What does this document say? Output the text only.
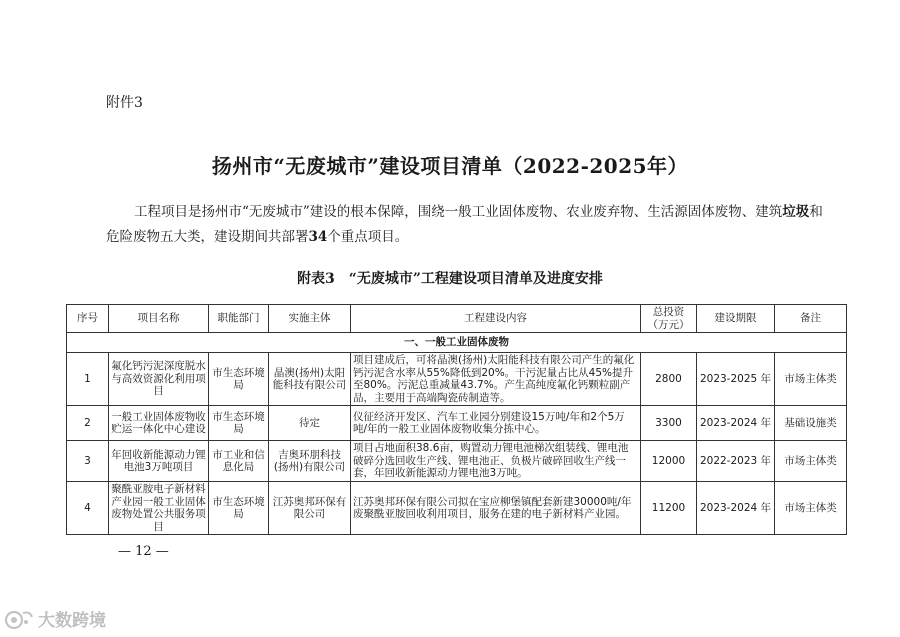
附件3
扬州市“无废城市”建设项目清单（2022-2025年）
工程项目是扬州市“无废城市”建设的根本保障，围绕一般工业固体废物、农业废弃物、生活源固体废物、建筑垃圾和危险废物五大类，建设期间共部署34个重点项目。
附表3　“无废城市”工程建设项目清单及进度安排
序号	项目名称	职能部门	实施主体	工程建设内容	总投资（万元）	建设期限	备注
一、一般工业固体废物							
1	氟化钙污泥深度脱水与高效资源化利用项目	市生态环境局	晶澳(扬州)太阳能科技有限公司	项目建成后，可将晶澳(扬州)太阳能科技有限公司产生的氟化钙污泥含水率从55%降低到20%。干污泥量占比从45%提升至80%。污泥总重减量43.7%。产生高纯度氟化钙颗粒副产品，主要用于高端陶瓷砖制造等。	2800	2023-2025 年	市场主体类
2	一般工业固体废物收贮运一体化中心建设	市生态环境局	待定	仪征经济开发区、汽车工业园分别建设15万吨/年和2个5万吨/年的一般工业固体废物收集分拣中心。	3300	2023-2024 年	基础设施类
3	年回收新能源动力锂电池3万吨项目	市工业和信息化局	吉奥环朋科技(扬州)有限公司	项目占地面积38.6亩，购置动力锂电池梯次组装线、锂电池破碎分选回收生产线、锂电池正、负极片破碎回收生产线一套，年回收新能源动力锂电池3万吨。	12000	2022-2023 年	市场主体类
4	聚酰亚胺电子新材料产业园一般工业固体废物处置公共服务项目	市生态环境局	江苏奥邦环保有限公司	江苏奥邦环保有限公司拟在宝应柳堡镇配套新建30000吨/年废聚酰亚胺回收利用项目，服务在建的电子新材料产业园。	11200	2023-2024 年	市场主体类
— 12 —
大数跨境
